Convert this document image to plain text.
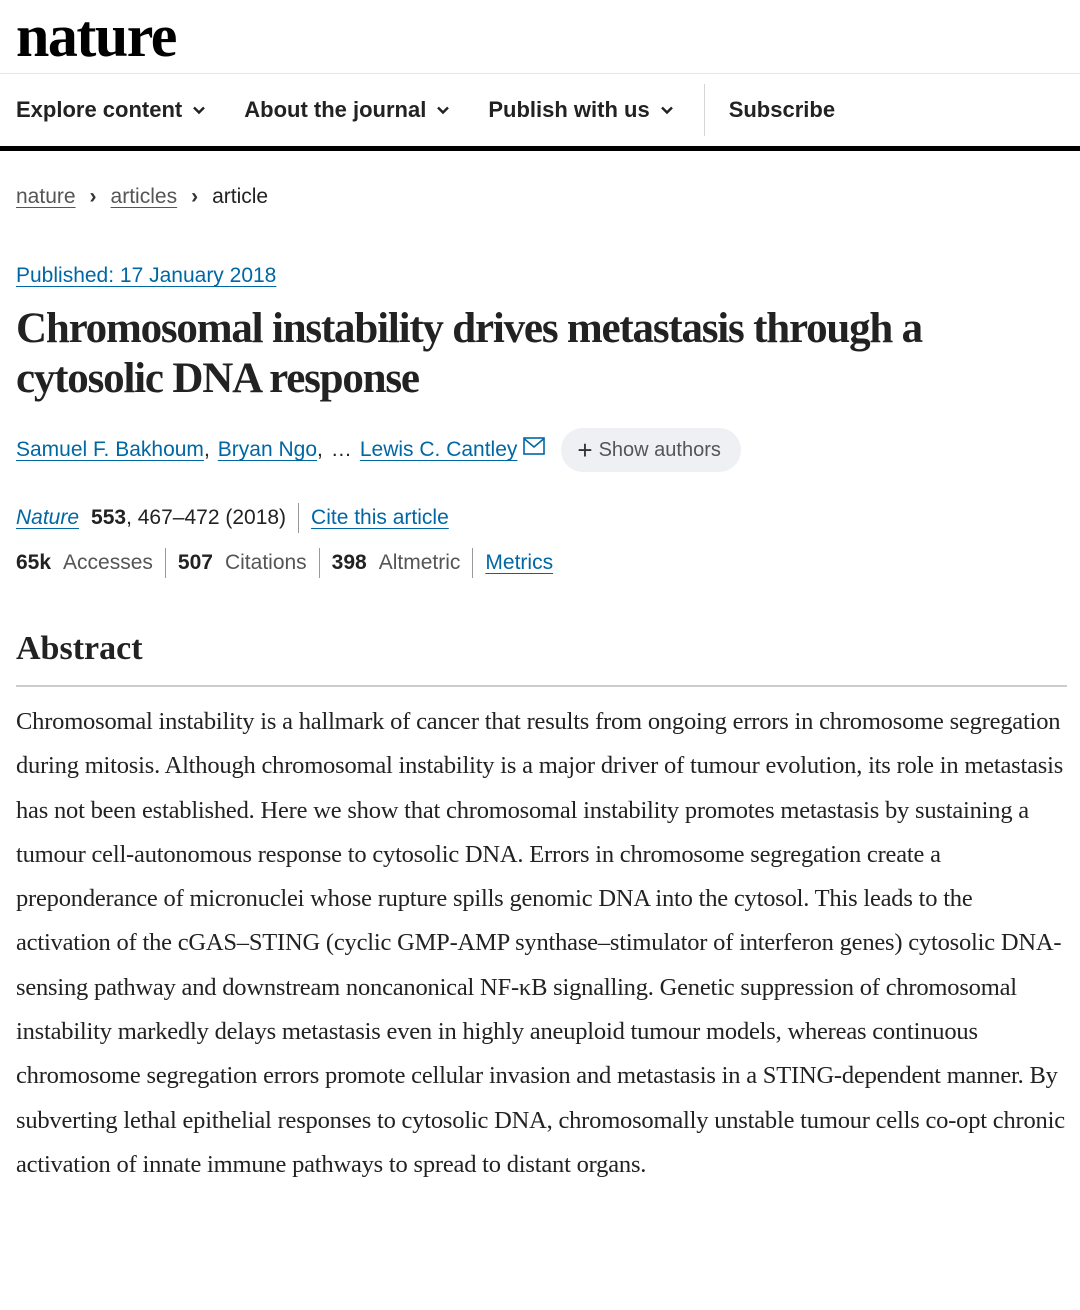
nature
Explore content	About the journal	Publish with us	Subscribe
nature › articles › article
Published: 17 January 2018
Chromosomal instability drives metastasis through a cytosolic DNA response
Samuel F. Bakhoum , Bryan Ngo , … Lewis C. Cantley + Show authors
Nature 553 , 467–472 (2018) Cite this article
65k Accesses 507 Citations 398 Altmetric Metrics
Abstract

Chromosomal instability is a hallmark of cancer that results from ongoing errors in chromosome segregation during mitosis. Although chromosomal instability is a major driver of tumour evolution, its role in metastasis has not been established. Here we show that chromosomal instability promotes metastasis by sustaining a tumour cell-autonomous response to cytosolic DNA. Errors in chromosome segregation create a preponderance of micronuclei whose rupture spills genomic DNA into the cytosol. This leads to the activation of the cGAS–STING (cyclic GMP-AMP synthase–stimulator of interferon genes) cytosolic DNA-sensing pathway and downstream noncanonical NF-κB signalling. Genetic suppression of chromosomal instability markedly delays metastasis even in highly aneuploid tumour models, whereas continuous chromosome segregation errors promote cellular invasion and metastasis in a STING-dependent manner. By subverting lethal epithelial responses to cytosolic DNA, chromosomally unstable tumour cells co-opt chronic activation of innate immune pathways to spread to distant organs.
